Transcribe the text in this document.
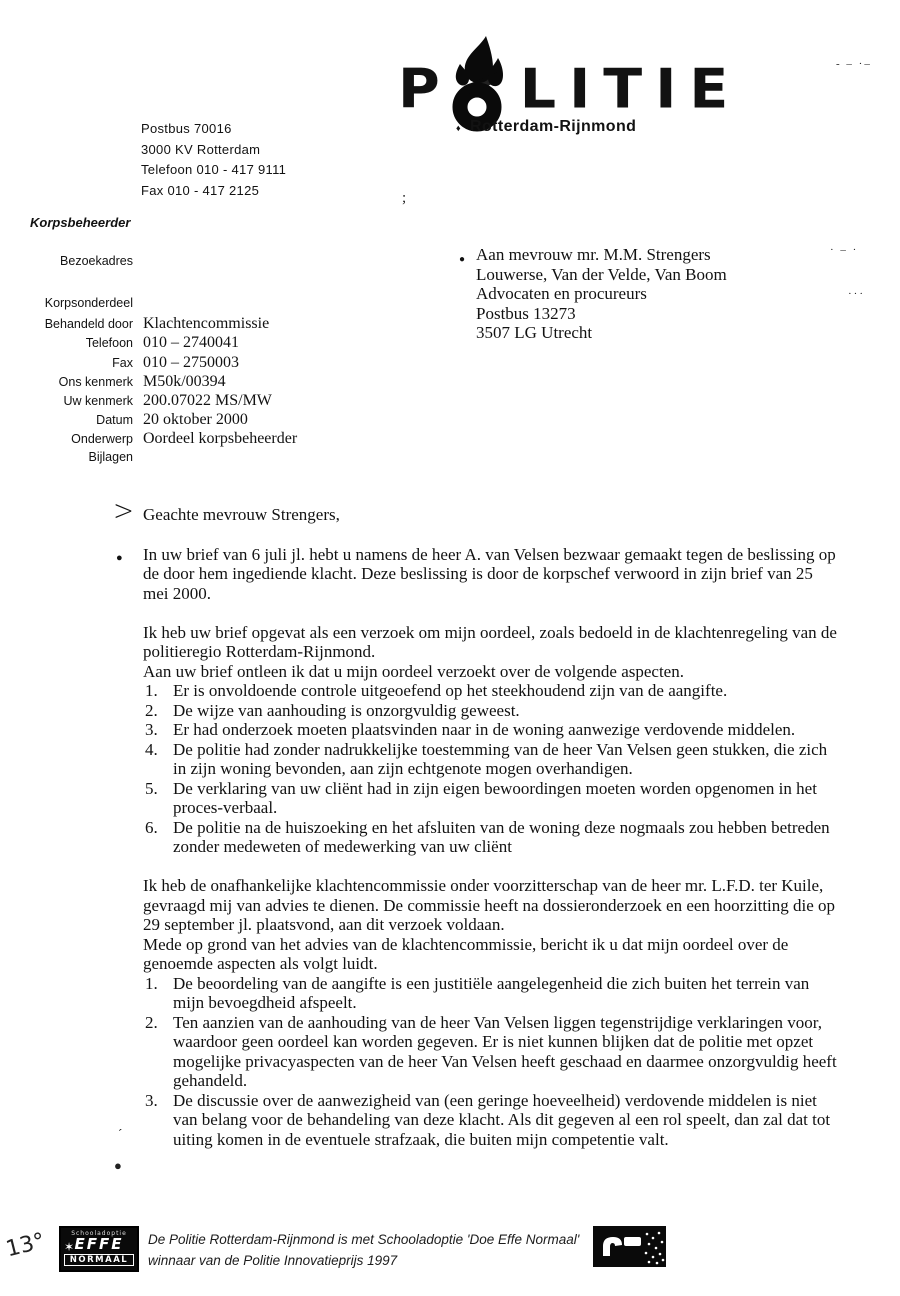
P LITIE
♦ Rotterdam-Rijnmond
Postbus 70016
3000 KV Rotterdam
Telefoon 010 - 417 9111
Fax 010 - 417 2125
Korpsbeheerder
Bezoekadres
Korpsonderdeel
Behandeld door Klachtencommissie
Telefoon 010 – 2740041
Fax 010 – 2750003
Ons kenmerk M50k/00394
Uw kenmerk 200.07022 MS/MW
Datum 20 oktober 2000
Onderwerp Oordeel korpsbeheerder
Bijlagen
● Aan mevrouw mr. M.M. Strengers
Louwerse, Van der Velde, Van Boom
Advocaten en procureurs
Postbus 13273
3507 LG Utrecht
> Geachte mevrouw Strengers,

● In uw brief van 6 juli jl. hebt u namens de heer A. van Velsen bezwaar gemaakt tegen de beslissing op de door hem ingediende klacht. Deze beslissing is door de korpschef verwoord in zijn brief van 25 mei 2000.

Ik heb uw brief opgevat als een verzoek om mijn oordeel, zoals bedoeld in de klachtenregeling van de politieregio Rotterdam-Rijnmond.

Aan uw brief ontleen ik dat u mijn oordeel verzoekt over de volgende aspecten.

Er is onvoldoende controle uitgeoefend op het steekhoudend zijn van de aangifte.
De wijze van aanhouding is onzorgvuldig geweest.
Er had onderzoek moeten plaatsvinden naar in de woning aanwezige verdovende middelen.
De politie had zonder nadrukkelijke toestemming van de heer Van Velsen geen stukken, die zich in zijn woning bevonden, aan zijn echtgenote mogen overhandigen.
De verklaring van uw cliënt had in zijn eigen bewoordingen moeten worden opgenomen in het proces-verbaal.
De politie na de huiszoeking en het afsluiten van de woning deze nogmaals zou hebben betreden zonder medeweten of medewerking van uw cliënt

Ik heb de onafhankelijke klachtencommissie onder voorzitterschap van de heer mr. L.F.D. ter Kuile, gevraagd mij van advies te dienen. De commissie heeft na dossieronderzoek en een hoorzitting die op 29 september jl. plaatsvond, aan dit verzoek voldaan.

Mede op grond van het advies van de klachtencommissie, bericht ik u dat mijn oordeel over de genoemde aspecten als volgt luidt.

De beoordeling van de aangifte is een justitiële aangelegenheid die zich buiten het terrein van mijn bevoegdheid afspeelt.
Ten aanzien van de aanhouding van de heer Van Velsen liggen tegenstrijdige verklaringen voor, waardoor geen oordeel kan worden gegeven. Er is niet kunnen blijken dat de politie met opzet mogelijke privacyaspecten van de heer Van Velsen heeft geschaad en daarmee onzorgvuldig heeft gehandeld.
De discussie over de aanwezigheid van (een geringe hoeveelheid) verdovende middelen is niet van belang voor de behandeling van deze klacht. Als dit gegeven al een rol speelt, dan zal dat tot uiting komen in de eventuele strafzaak, die buiten mijn competentie valt.
Schooladoptie
✶ EFFE
NORMAAL
De Politie Rotterdam-Rijnmond is met Schooladoptie 'Doe Effe Normaal'
winnaar van de Politie Innovatieprijs 1997
13°
;
‐ – ·–
· – ·
···
´
●
